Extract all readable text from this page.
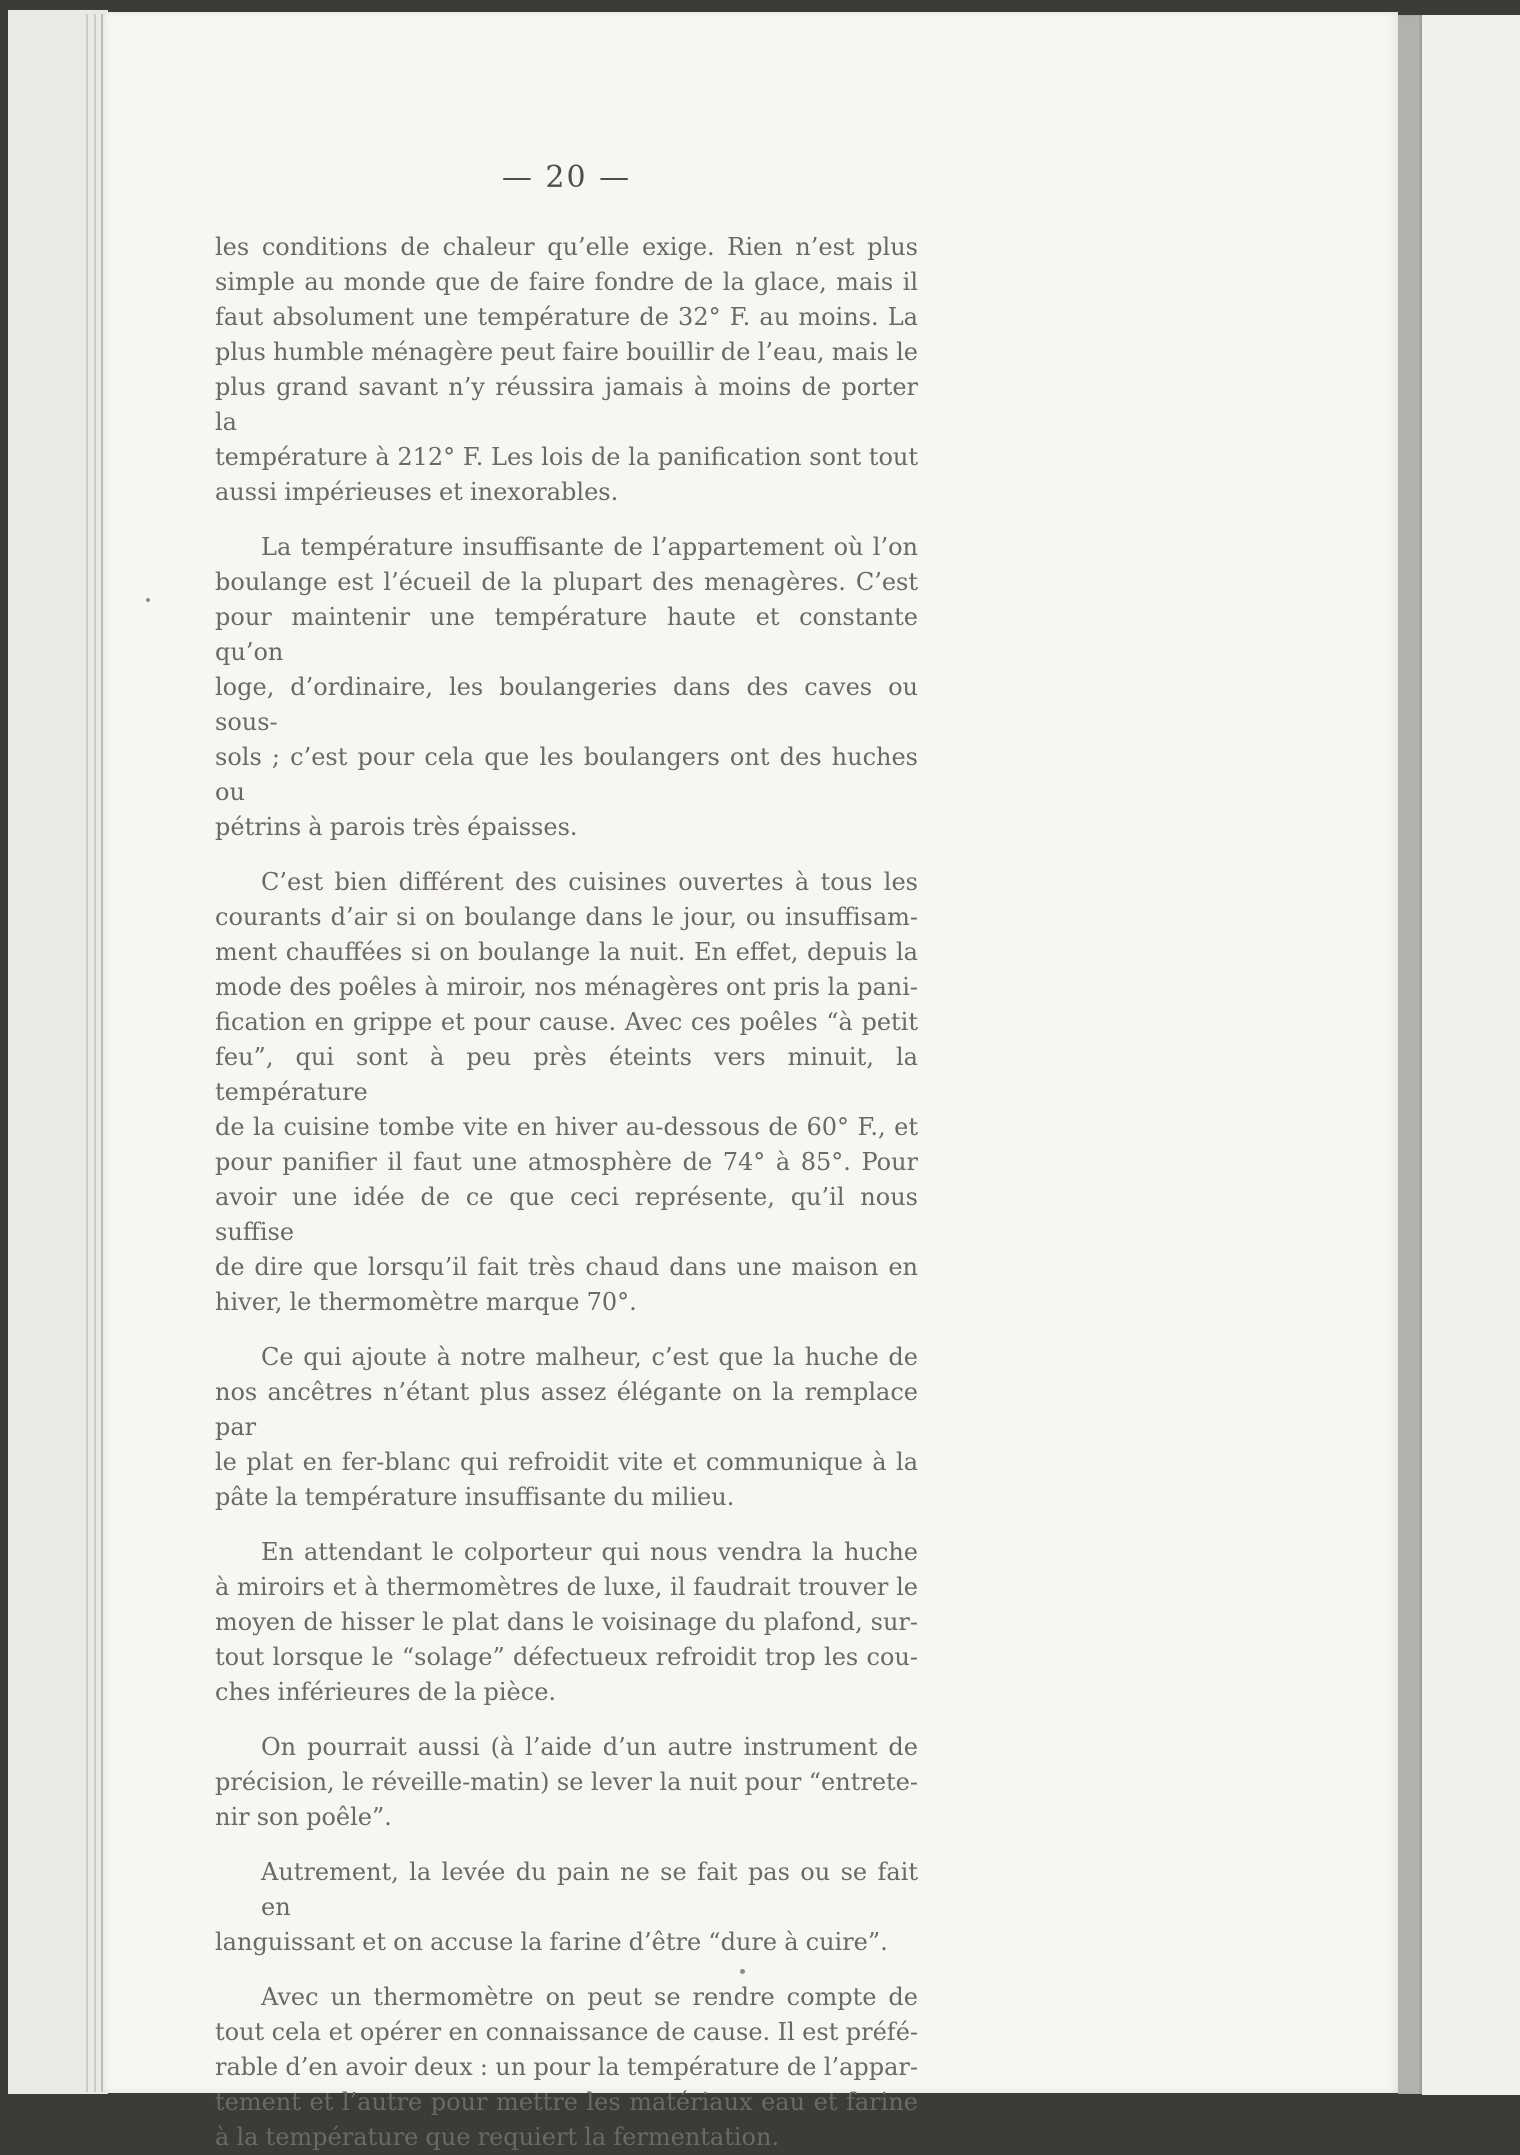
— 20 —
les conditions de chaleur qu’elle exige. Rien n’est plus
simple au monde que de faire fondre de la glace, mais il
faut absolument une température de 32° F. au moins. La
plus humble ménagère peut faire bouillir de l’eau, mais le
plus grand savant n’y réussira jamais à moins de porter la
température à 212° F. Les lois de la panification sont tout
aussi impérieuses et inexorables.
La température insuffisante de l’appartement où l’on
boulange est l’écueil de la plupart des menagères. C’est
pour maintenir une température haute et constante qu’on
loge, d’ordinaire, les boulangeries dans des caves ou sous-
sols ; c’est pour cela que les boulangers ont des huches ou
pétrins à parois très épaisses.
C’est bien différent des cuisines ouvertes à tous les
courants d’air si on boulange dans le jour, ou insuffisam-
ment chauffées si on boulange la nuit. En effet, depuis la
mode des poêles à miroir, nos ménagères ont pris la pani-
fication en grippe et pour cause. Avec ces poêles “à petit
feu”, qui sont à peu près éteints vers minuit, la température
de la cuisine tombe vite en hiver au-dessous de 60° F., et
pour panifier il faut une atmosphère de 74° à 85°. Pour
avoir une idée de ce que ceci représente, qu’il nous suffise
de dire que lorsqu’il fait très chaud dans une maison en
hiver, le thermomètre marque 70°.
Ce qui ajoute à notre malheur, c’est que la huche de
nos ancêtres n’étant plus assez élégante on la remplace par
le plat en fer-blanc qui refroidit vite et communique à la
pâte la température insuffisante du milieu.
En attendant le colporteur qui nous vendra la huche
à miroirs et à thermomètres de luxe, il faudrait trouver le
moyen de hisser le plat dans le voisinage du plafond, sur-
tout lorsque le “solage” défectueux refroidit trop les cou-
ches inférieures de la pièce.
On pourrait aussi (à l’aide d’un autre instrument de
précision, le réveille-matin) se lever la nuit pour “entrete-
nir son poêle”.
Autrement, la levée du pain ne se fait pas ou se fait en
languissant et on accuse la farine d’être “dure à cuire”.
Avec un thermomètre on peut se rendre compte de
tout cela et opérer en connaissance de cause. Il est préfé-
rable d’en avoir deux : un pour la température de l’appar-
tement et l’autre pour mettre les matériaux eau et farine
à la température que requiert la fermentation.
